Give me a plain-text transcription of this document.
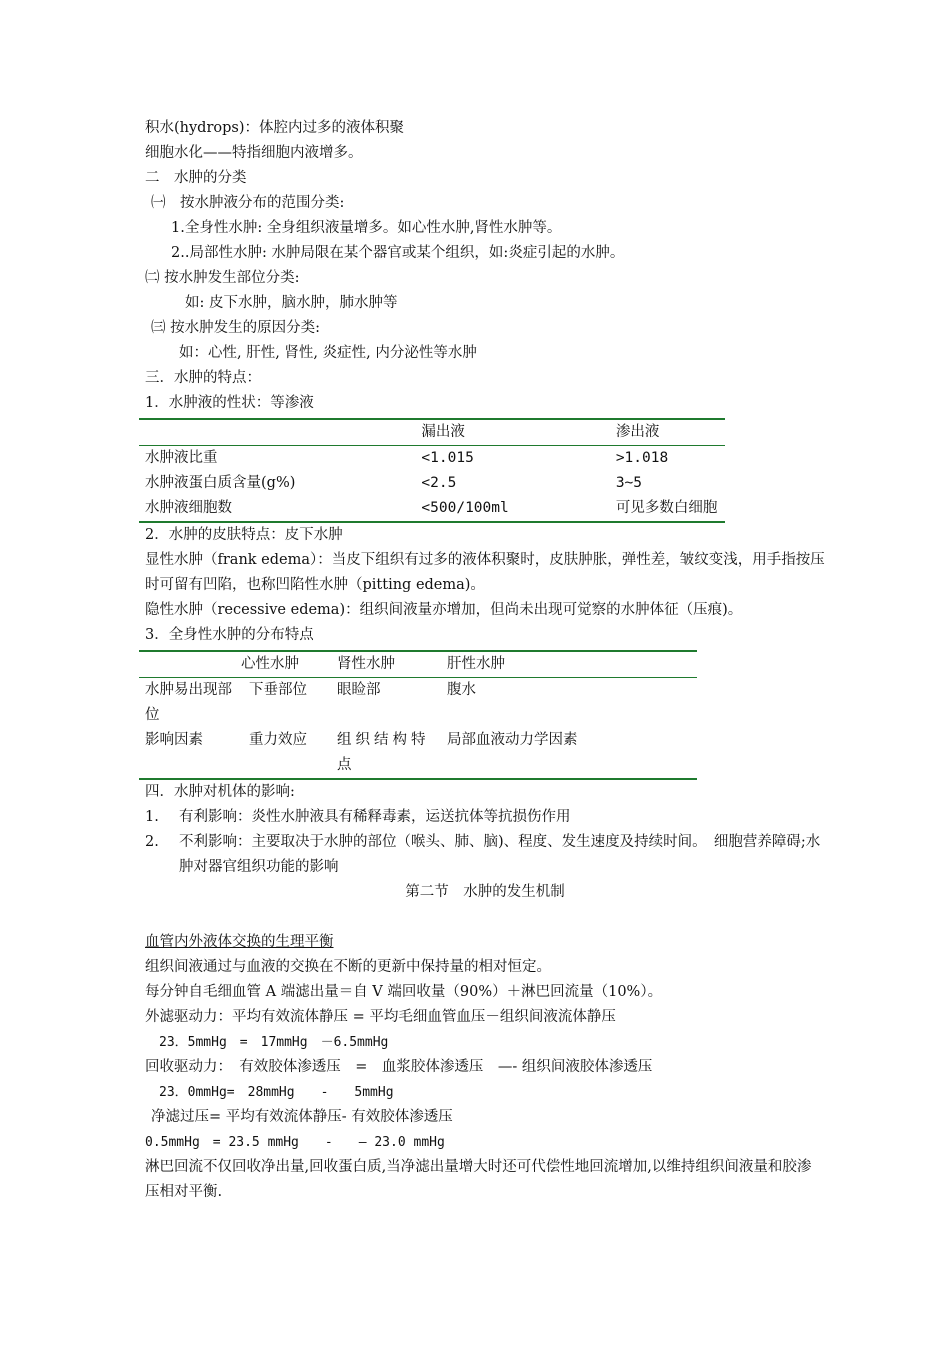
积水(hydrops)：体腔内过多的液体积聚
细胞水化——特指细胞内液增多。
二　水肿的分类
㈠　按水肿液分布的范围分类:
1.全身性水肿: 全身组织液量增多。如心性水肿,肾性水肿等。
2..局部性水肿: 水肿局限在某个器官或某个组织，如:炎症引起的水肿。
㈡ 按水肿发生部位分类:
如: 皮下水肿，脑水肿，肺水肿等
㈢ 按水肿发生的原因分类:
如：心性, 肝性, 肾性, 炎症性, 内分泌性等水肿
三．水肿的特点：
1．水肿液的性状：等渗液
	漏出液	渗出液
水肿液比重	<1.015	>1.018
水肿液蛋白质含量(g%)	<2.5	3~5
水肿液细胞数	<500/100ml	可见多数白细胞
2．水肿的皮肤特点：皮下水肿
显性水肿（frank edema）：当皮下组织有过多的液体积聚时，皮肤肿胀，弹性差，皱纹变浅，用手指按压时可留有凹陷，也称凹陷性水肿（pitting edema)。
隐性水肿（recessive edema)：组织间液量亦增加，但尚未出现可觉察的水肿体征（压痕)。
3．全身性水肿的分布特点
	心性水肿	肾性水肿	肝性水肿
水肿易出现部位	下垂部位	眼睑部	腹水
影响因素	重力效应	组织结构特点	局部血液动力学因素
四．水肿对机体的影响:
1.	有利影响：炎性水肿液具有稀释毒素，运送抗体等抗损伤作用
2.	不利影响：主要取决于水肿的部位（喉头、肺、脑)、程度、发生速度及持续时间。　细胞营养障碍;水肿对器官组织功能的影响
第二节　水肿的发生机制
血管内外液体交换的生理平衡
组织间液通过与血液的交换在不断的更新中保持量的相对恒定。
每分钟自毛细血管 A 端滤出量＝自 V 端回收量（90%）＋淋巴回流量（10%）。
外滤驱动力：平均有效流体静压 = 平均毛细血管血压－组织间液流体静压
23．5mmHg　=　17mmHg　－6.5mmHg
回收驱动力：　有效胶体渗透压　=　血浆胶体渗透压　—- 组织间液胶体渗透压
23．0mmHg=　28mmHg　　-　　5mmHg
净滤过压= 平均有效流体静压- 有效胶体渗透压
0.5mmHg　= 23.5 mmHg　　-　　— 23.0 mmHg
淋巴回流不仅回收净出量,回收蛋白质,当净滤出量增大时还可代偿性地回流增加,以维持组织间液量和胶渗压相对平衡.
